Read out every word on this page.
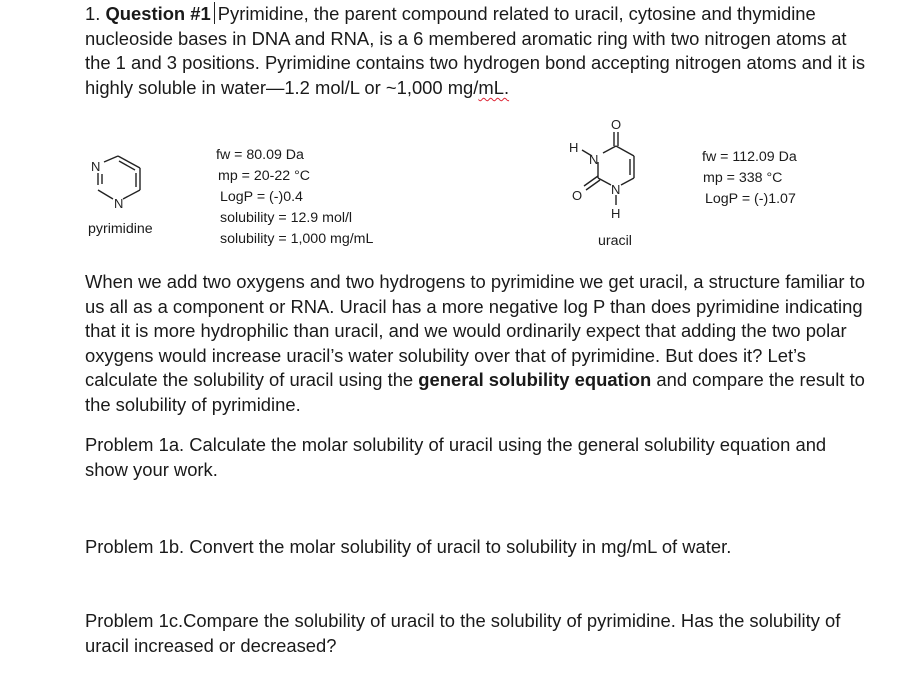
1. Question #1 Pyrimidine, the parent compound related to uracil, cytosine and thymidine nucleoside bases in DNA and RNA, is a 6 membered aromatic ring with two nitrogen atoms at the 1 and 3 positions. Pyrimidine contains two hydrogen bond accepting nitrogen atoms and it is highly soluble in water—1.2 mol/L or ~1,000 mg/mL.
N
N
pyrimidine
fw = 80.09 Da
mp = 20-22 °C
LogP = (-)0.4
solubility = 12.9 mol/l
solubility = 1,000 mg/mL
O
H
N
O N
H
uracil
fw = 112.09 Da
mp = 338 °C
LogP = (-)1.07
When we add two oxygens and two hydrogens to pyrimidine we get uracil, a structure familiar to us all as a component or RNA. Uracil has a more negative log P than does pyrimidine indicating that it is more hydrophilic than uracil, and we would ordinarily expect that adding the two polar oxygens would increase uracil’s water solubility over that of pyrimidine. But does it? Let’s calculate the solubility of uracil using the general solubility equation and compare the result to the solubility of pyrimidine.
Problem 1a. Calculate the molar solubility of uracil using the general solubility equation and show your work.
Problem 1b. Convert the molar solubility of uracil to solubility in mg/mL of water.
Problem 1c.Compare the solubility of uracil to the solubility of pyrimidine. Has the solubility of uracil increased or decreased?
